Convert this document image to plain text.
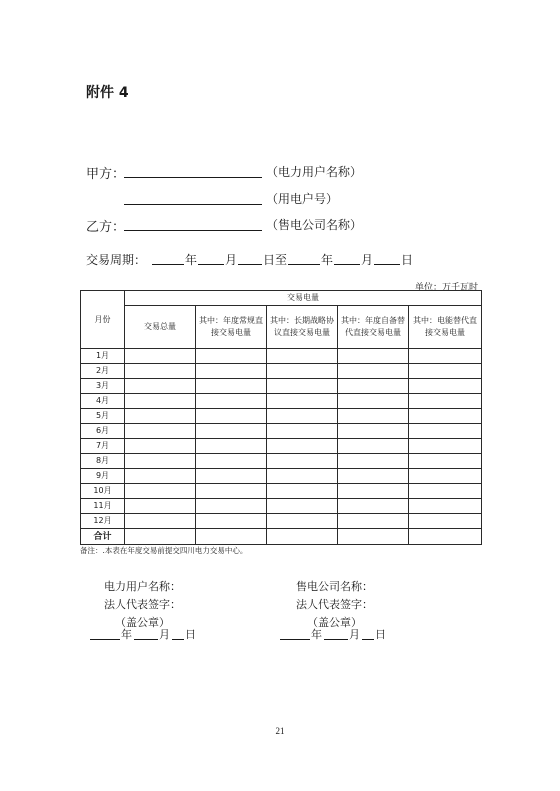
附件 4
甲方：	（电力用户名称）
（用电户号）
乙方：	（售电公司名称）
交易周期：	年 月 日至	年 月 日
单位：万千瓦时
月份	交易电量				
	交易总量	其中：年度常规直接交易电量	其中：长期战略协议直接交易电量	其中：年度自备替代直接交易电量	其中：电能替代直接交易电量
1月					
2月					
3月					
4月					
5月					
6月					
7月					
8月					
9月					
10月					
11月					
12月					
合计					
备注：.本表在年度交易前提交四川电力交易中心。
电力用户名称：
法人代表签字：
（盖公章）
年 月 日
售电公司名称：
法人代表签字：
（盖公章）
年 月 日
21
